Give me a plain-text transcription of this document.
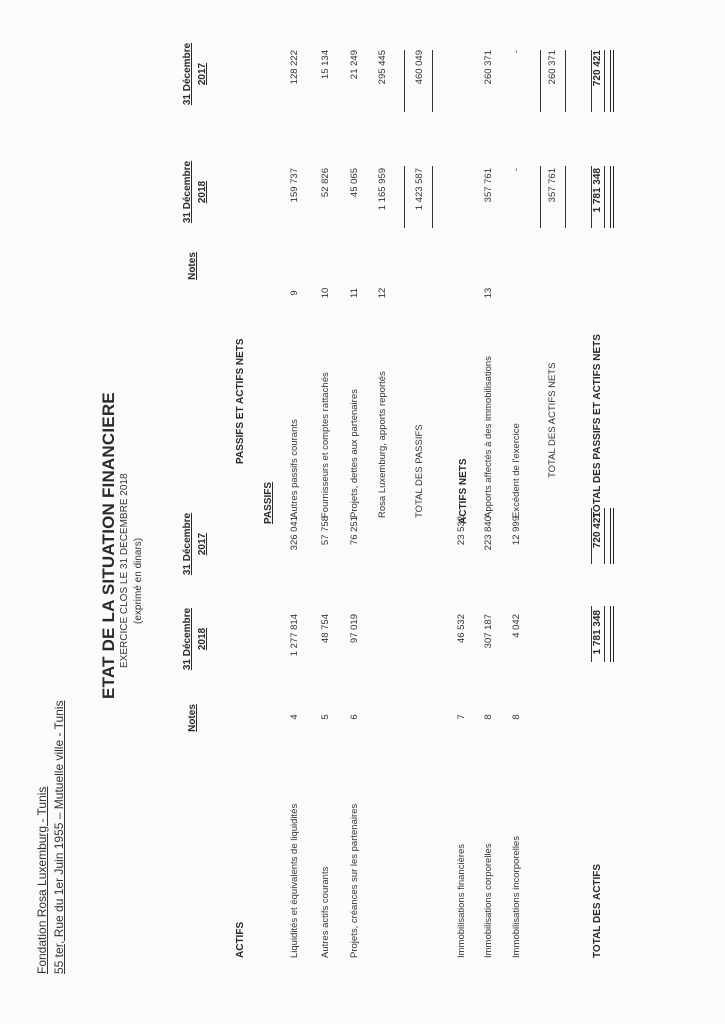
Fondation Rosa Luxemburg - Tunis 55 ter, Rue du 1er Juin 1955 – Mutuelle ville - Tunis
ETAT DE LA SITUATION FINANCIERE EXERCICE CLOS LE 31 DECEMBRE 2018 (exprimé en dinars)
Notes
31 Décembre
2018
31 Décembre
2017
ACTIFS	Liquidités et équivalents de liquidités
4
1 277 814
326 041
Autres actifs courants
5
48 754
57 758
Projets, créances sur les partenaires
6
97 019
76 251
Immobilisations financières
7
46 532
23 532
Immobilisations corporelles
8
307 187
223 840
Immobilisations incorporelles
8
4 042
12 999
TOTAL DES ACTIFS
1 781 348
720 421
Notes
31 Décembre
2018
31 Décembre
2017
PASSIFS ET ACTIFS NETS
PASSIFS Autres passifs courants
9
159 737
128 222
Fournisseurs et comptes rattachés
10
52 826
15 134
Projets, dettes aux partenaires
11
45 065
21 249
Rosa Luxemburg, apports reportés
12
1 165 959
295 445
TOTAL DES PASSIFS
1 423 587
460 049
ACTIFS NETS Apports affectés à des immobilisations
13
357 761
260 371
Excédent de l'exercice
-
-
TOTAL DES ACTIFS NETS
357 761
260 371
TOTAL DES PASSIFS ET ACTIFS NETS
1 781 348
720 421
